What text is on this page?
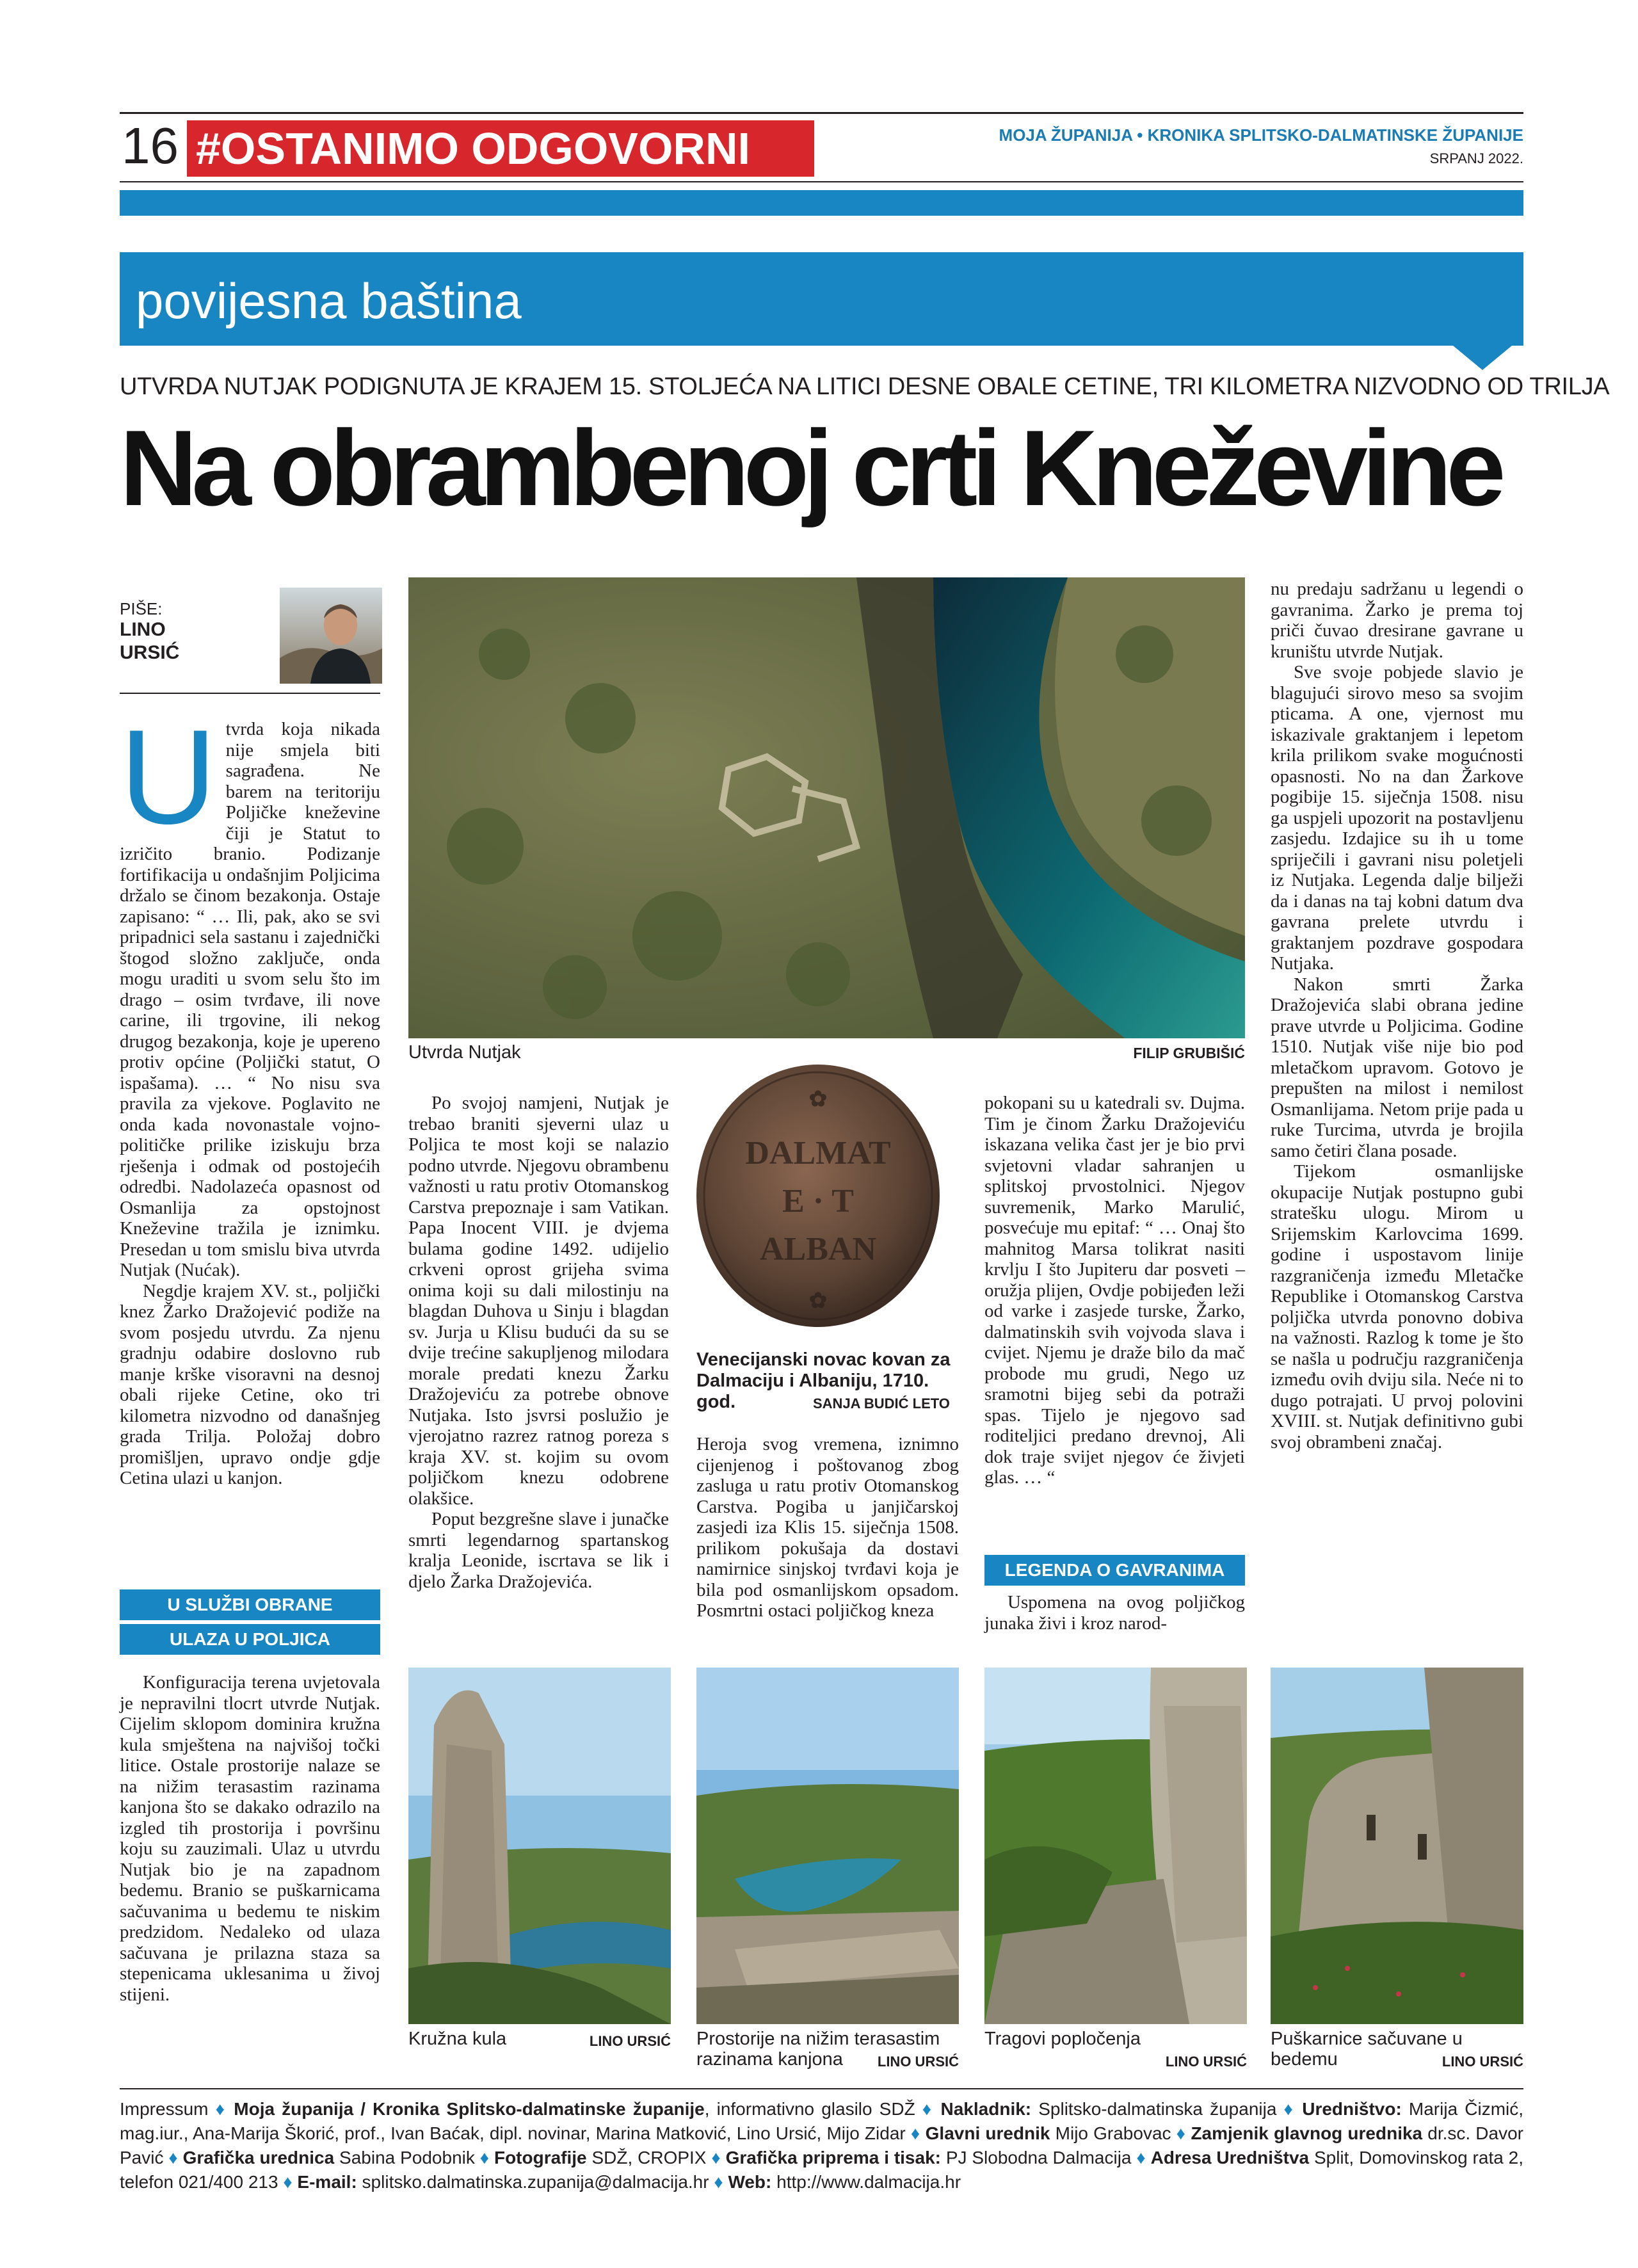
16 #OSTANIMO ODGOVORNI	MOJA ŽUPANIJA • KRONIKA SPLITSKO-DALMATINSKE ŽUPANIJE
SRPANJ 2022.
povijesna baština
UTVRDA NUTJAK PODIGNUTA JE KRAJEM 15. STOLJEĆA NA LITICI DESNE OBALE CETINE, TRI KILOMETRA NIZVODNO OD TRILJA
Na obrambenoj crti Kneževine
PIŠE:
LINO
URSIĆ
U tvrda koja nikada nije smjela biti sagrađena. Ne barem na teritoriju Poljičke kneževine čiji je Statut to izričito branio. Podizanje fortifikacija u ondašnjim Poljicima držalo se činom bezakonja. Ostaje zapisano: “ … Ili, pak, ako se svi pripadnici sela sastanu i zajednički štogod složno zaključe, onda mogu uraditi u svom selu što im drago – osim tvrđave, ili nove carine, ili trgovine, ili nekog drugog bezakonja, koje je upereno protiv općine (Poljički statut, O ispašama). … “ No nisu sva pravila za vjekove. Poglavito ne onda kada novonastale vojno-političke prilike iziskuju brza rješenja i odmak od postojećih odredbi. Nadolazeća opasnost od Osmanlija za opstojnost Kneževine tražila je iznimku. Presedan u tom smislu biva utvrda Nutjak (Nućak).

Negdje krajem XV. st., poljički knez Žarko Dražojević podiže na svom posjedu utvrdu. Za njenu gradnju odabire doslovno rub manje krške visoravni na desnoj obali rijeke Cetine, oko tri kilometra nizvodno od današnjeg grada Trilja. Položaj dobro promišljen, upravo ondje gdje Cetina ulazi u kanjon.

U SLUŽBI OBRANE
ULAZA U POLJICA

Konfiguracija terena uvjetovala je nepravilni tlocrt utvrde Nutjak. Cijelim sklopom dominira kružna kula smještena na najvišoj točki litice. Ostale prostorije nalaze se na nižim terasastim razinama kanjona što se dakako odrazilo na izgled tih prostorija i površinu koju su zauzimali. Ulaz u utvrdu Nutjak bio je na zapadnom bedemu. Branio se puškarnicama sačuvanima u bedemu te niskim predzidom. Nedaleko od ulaza sačuvana je prilazna staza sa stepenicama uklesanima u živoj stijeni.

Utvrda Nutjak	FILIP GRUBIŠIĆ

Po svojoj namjeni, Nutjak je trebao braniti sjeverni ulaz u Poljica te most koji se nalazio podno utvrde. Njegovu obrambenu važnosti u ratu protiv Otomanskog Carstva prepoznaje i sam Vatikan. Papa Inocent VIII. je dvjema bulama godine 1492. udijelio crkveni oprost grijeha svima onima koji su dali milostinju na blagdan Duhova u Sinju i blagdan sv. Jurja u Klisu budući da su se dvije trećine sakupljenog milodara morale predati knezu Žarku Dražojeviću za potrebe obnove Nutjaka. Isto jsvrsi poslužio je vjerojatno razrez ratnog poreza s kraja XV. st. kojim su ovom poljičkom knezu odobrene olakšice.

Poput bezgrešne slave i junačke smrti legendarnog spartanskog kralja Leonide, iscrtava se lik i djelo Žarka Dražojevića.

✿
DALMAT
E · T
ALBAN
✿
Venecijanski novac kovan za Dalmaciju i Albaniju, 1710. god.	SANJA BUDIĆ LETO

Heroja svog vremena, iznimno cijenjenog i poštovanog zbog zasluga u ratu protiv Otomanskog Carstva. Pogiba u janjičarskoj zasjedi iza Klis 15. siječnja 1508. prilikom pokušaja da dostavi namirnice sinjskoj tvrđavi koja je bila pod osmanlijskom opsadom. Posmrtni ostaci poljičkog kneza

pokopani su u katedrali sv. Dujma. Tim je činom Žarku Dražojeviću iskazana velika čast jer je bio prvi svjetovni vladar sahranjen u splitskoj prvostolnici. Njegov suvremenik, Marko Marulić, posvećuje mu epitaf: “ … Onaj što mahnitog Marsa tolikrat nasiti krvlju I što Jupiteru dar posveti – oružja plijen, Ovdje pobijeđen leži od varke i zasjede turske, Žarko, dalmatinskih svih vojvoda slava i cvijet. Njemu je draže bilo da mač probode mu grudi, Nego uz sramotni bijeg sebi da potraži spas. Tijelo je njegovo sad roditeljici predano drevnoj, Ali dok traje svijet njegov će živjeti glas. … “

LEGENDA O GAVRANIMA

Uspomena na ovog poljičkog junaka živi i kroz narod-

nu predaju sadržanu u legendi o gavranima. Žarko je prema toj priči čuvao dresirane gavrane u kruništu utvrde Nutjak.

Sve svoje pobjede slavio je blagujući sirovo meso sa svojim pticama. A one, vjernost mu iskazivale graktanjem i lepetom krila prilikom svake mogućnosti opasnosti. No na dan Žarkove pogibije 15. siječnja 1508. nisu ga uspjeli upozorit na postavljenu zasjedu. Izdajice su ih u tome spriječili i gavrani nisu poletjeli iz Nutjaka. Legenda dalje bilježi da i danas na taj kobni datum dva gavrana prelete utvrdu i graktanjem pozdrave gospodara Nutjaka.

Nakon smrti Žarka Dražojevića slabi obrana jedine prave utvrde u Poljicima. Godine 1510. Nutjak više nije bio pod mletačkom upravom. Gotovo je prepušten na milost i nemilost Osmanlijama. Netom prije pada u ruke Turcima, utvrda je brojila samo četiri člana posade.

Tijekom osmanlijske okupacije Nutjak postupno gubi stratešku ulogu. Mirom u Srijemskim Karlovcima 1699. godine i uspostavom linije razgraničenja između Mletačke Republike i Otomanskog Carstva poljička utvrda ponovno dobiva na važnosti. Razlog k tome je što se našla u području razgraničenja između ovih dviju sila. Neće ni to dugo potrajati. U prvoj polovini XVIII. st. Nutjak definitivno gubi svoj obrambeni značaj.

Kružna kula	LINO URSIĆ Prostorije na nižim terasastim razinama kanjona	LINO URSIĆ
Tragovi popločenja
LINO URSIĆ
Puškarnice sačuvane u bedemu	LINO URSIĆ
Impressum ♦ Moja županija / Kronika Splitsko-dalmatinske županije, informativno glasilo SDŽ ♦ Nakladnik: Splitsko-dalmatinska županija ♦ Uredništvo: Marija Čizmić, mag.iur., Ana-Marija Škorić, prof., Ivan Baćak, dipl. novinar, Marina Matković, Lino Ursić, Mijo Zidar ♦ Glavni urednik Mijo Grabovac ♦ Zamjenik glavnog urednika dr.sc. Davor Pavić ♦ Grafička urednica Sabina Podobnik ♦ Fotografije SDŽ, CROPIX ♦ Grafička priprema i tisak: PJ Slobodna Dalmacija ♦ Adresa Uredništva Split, Domovinskog rata 2, telefon 021/400 213 ♦ E-mail: splitsko.dalmatinska.zupanija@dalmacija.hr ♦ Web: http://www.dalmacija.hr
